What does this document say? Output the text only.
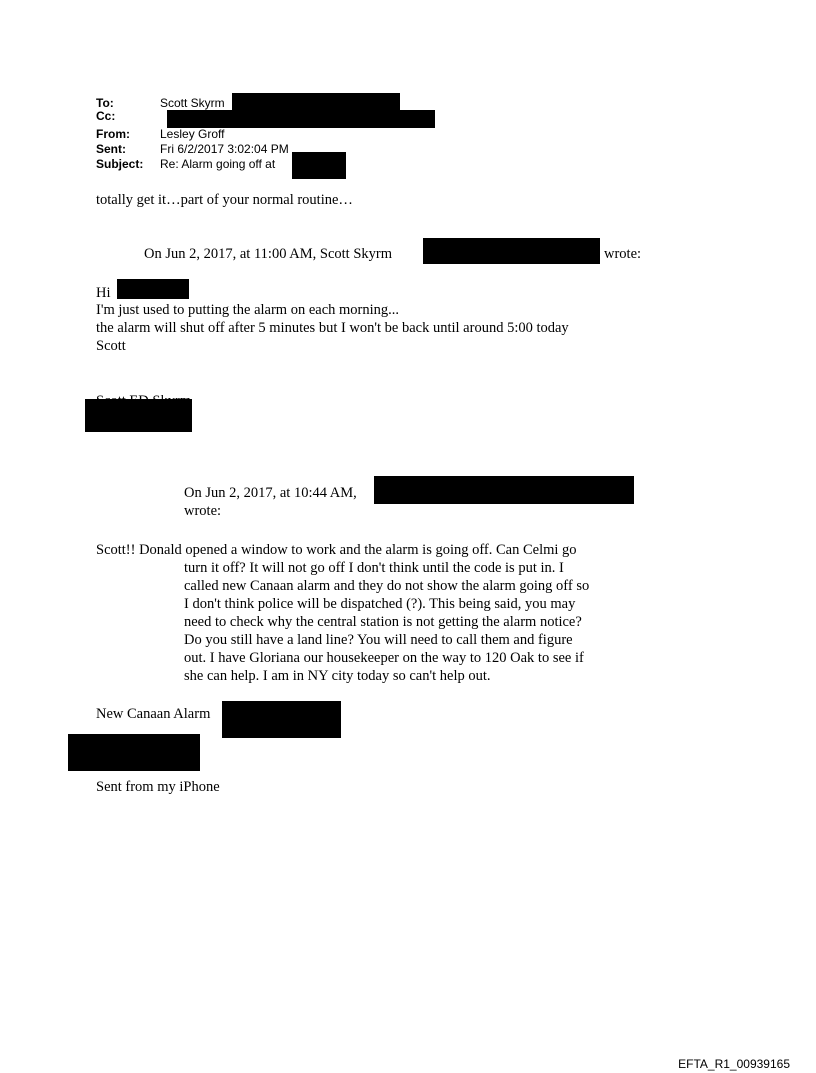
To:	Scott Skyrm
Cc:
From:	Lesley Groff
Sent:	Fri 6/2/2017 3:02:04 PM
Subject: Re: Alarm going off at
totally get it…part of your normal routine…
On Jun 2, 2017, at 11:00 AM, Scott Skyrm	wrote:
Hi
I'm just used to putting the alarm on each morning...
the alarm will shut off after 5 minutes but I won't be back until around 5:00 today
Scott
On Jun 2, 2017, at 10:44 AM,
wrote:
Scott!! Donald opened a window to work and the alarm is going off. Can Celmi go
turn it off? It will not go off I don't think until the code is put in. I
called new Canaan alarm and they do not show the alarm going off so
I don't think police will be dispatched (?). This being said, you may
need to check why the central station is not getting the alarm notice?
Do you still have a land line? You will need to call them and figure
out. I have Gloriana our housekeeper on the way to 120 Oak to see if
she can help. I am in NY city today so can't help out.
New Canaan Alarm
Sent from my iPhone
EFTA_R1_00939165
